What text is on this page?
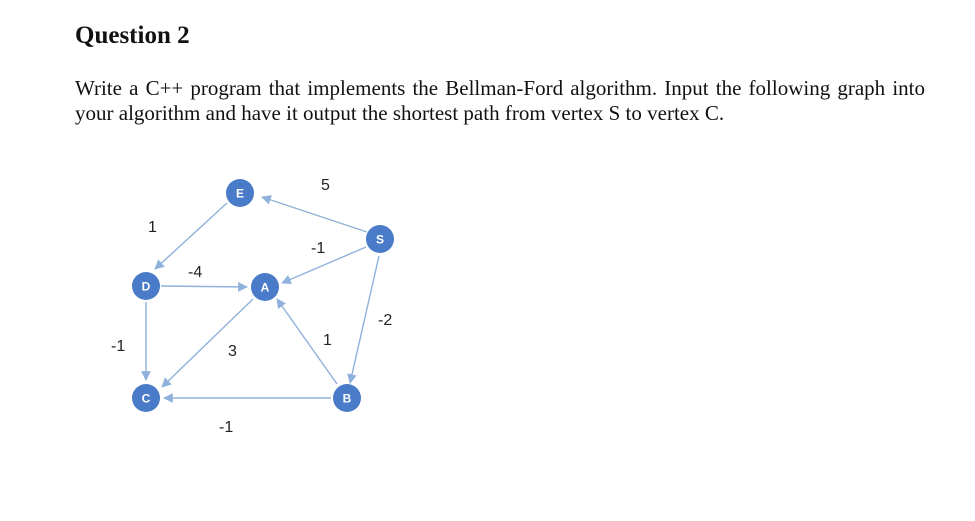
Question 2

Write a C++ program that implements the Bellman-Ford algorithm. Input the following graph into your algorithm and have it output the shortest path from vertex S to vertex C.

5
1
-1
-4
-2
-1	3
1
-1
E
S
D	A
C	B
